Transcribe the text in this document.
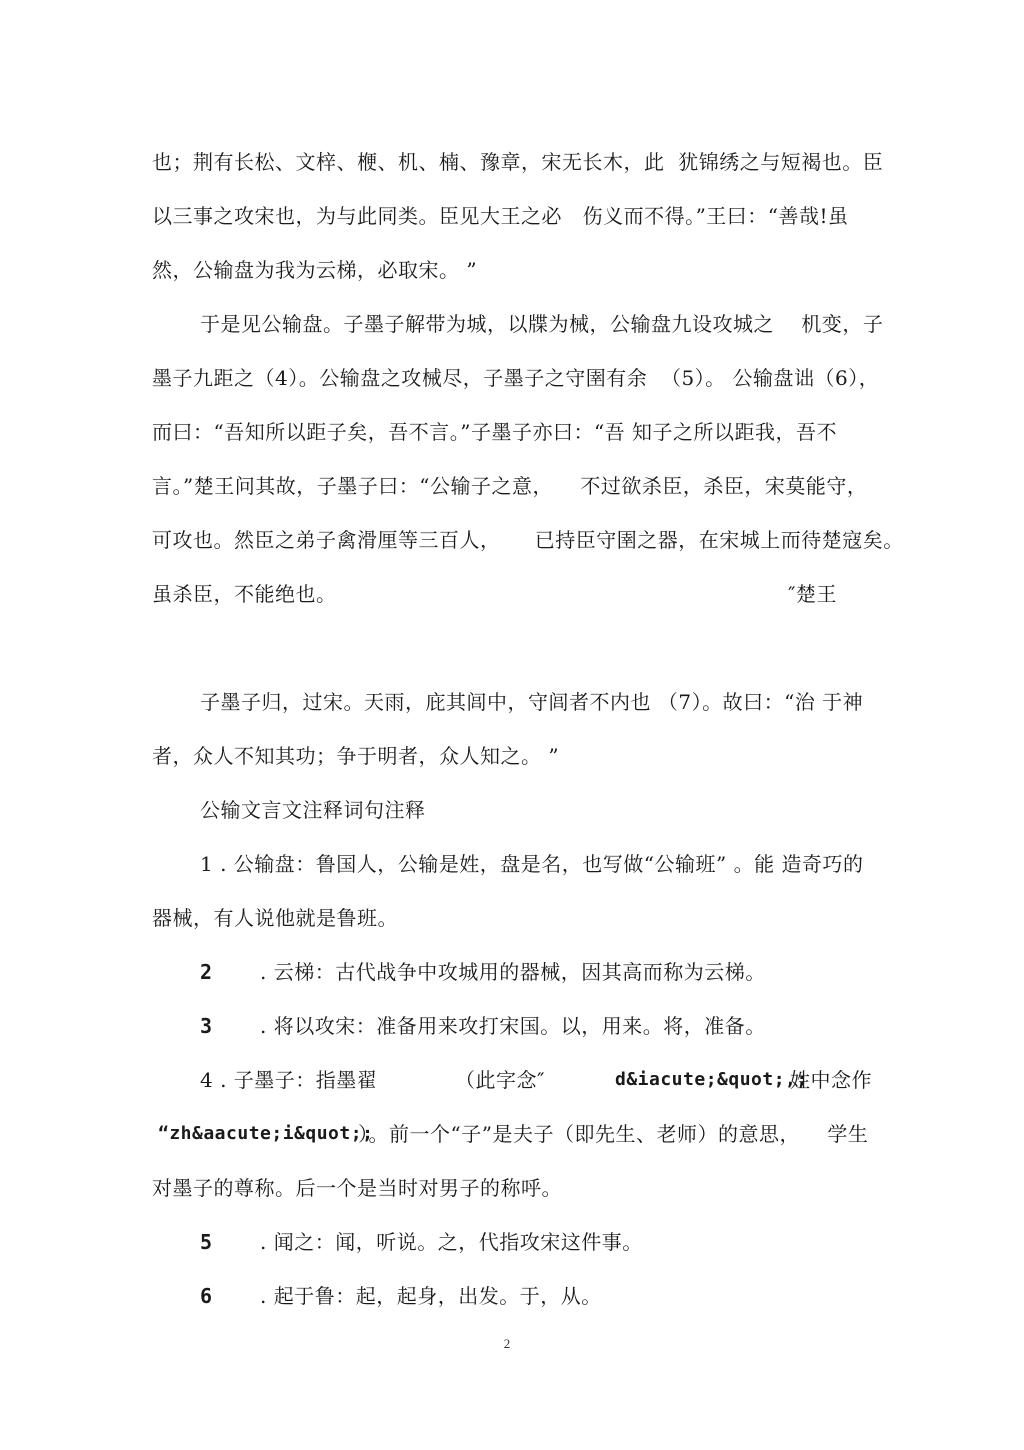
也；荆有长松、文梓、楩、机、楠、豫章，宋无长木，此  犹锦绣之与短褐也。臣
以三事之攻宋也，为与此同类。臣见大王之必   伤义而不得。”王曰：“善哉!虽
然，公输盘为我为云梯，必取宋。 ”
于是见公输盘。子墨子解带为城，以牒为械，公输盘九设攻城之    机变，子
墨子九距之（4）。公输盘之攻械尽，子墨子之守圉有余  （5）。 公输盘诎（6），
而曰：“吾知所以距子矣，吾不言。”子墨子亦曰：“吾 知子之所以距我，吾不
言。”楚王问其故，子墨子曰：“公输子之意，    不过欲杀臣，杀臣，宋莫能守，
可攻也。然臣之弟子禽滑厘等三百人，     已持臣守圉之器，在宋城上而待楚寇矣。
虽杀臣，不能绝也。	″楚王
子墨子归，过宋。天雨，庇其闾中，守闾者不内也 （7）。故曰：“治 于神
者，众人不知其功；争于明者，众人知之。 ”
公输文言文注释词句注释
1 . 公输盘：鲁国人，公输是姓，盘是名，也写做“公输班” 。能 造奇巧的
器械，有人说他就是鲁班。
2 . 云梯：古代战争中攻城用的器械，因其高而称为云梯。
3 . 将以攻宋：准备用来攻打宋国。以，用来。将，准备。
4 . 子墨子：指墨翟	（此字念″	d&iacute;&quot;,;
姓中念作
“zh&aacute;i&quot;;
）。前一个“子”是夫子（即先生、老师）的意思，    学生
对墨子的尊称。后一个是当时对男子的称呼。
5 . 闻之：闻，听说。之，代指攻宋这件事。
6 . 起于鲁：起，起身，出发。于，从。
2
